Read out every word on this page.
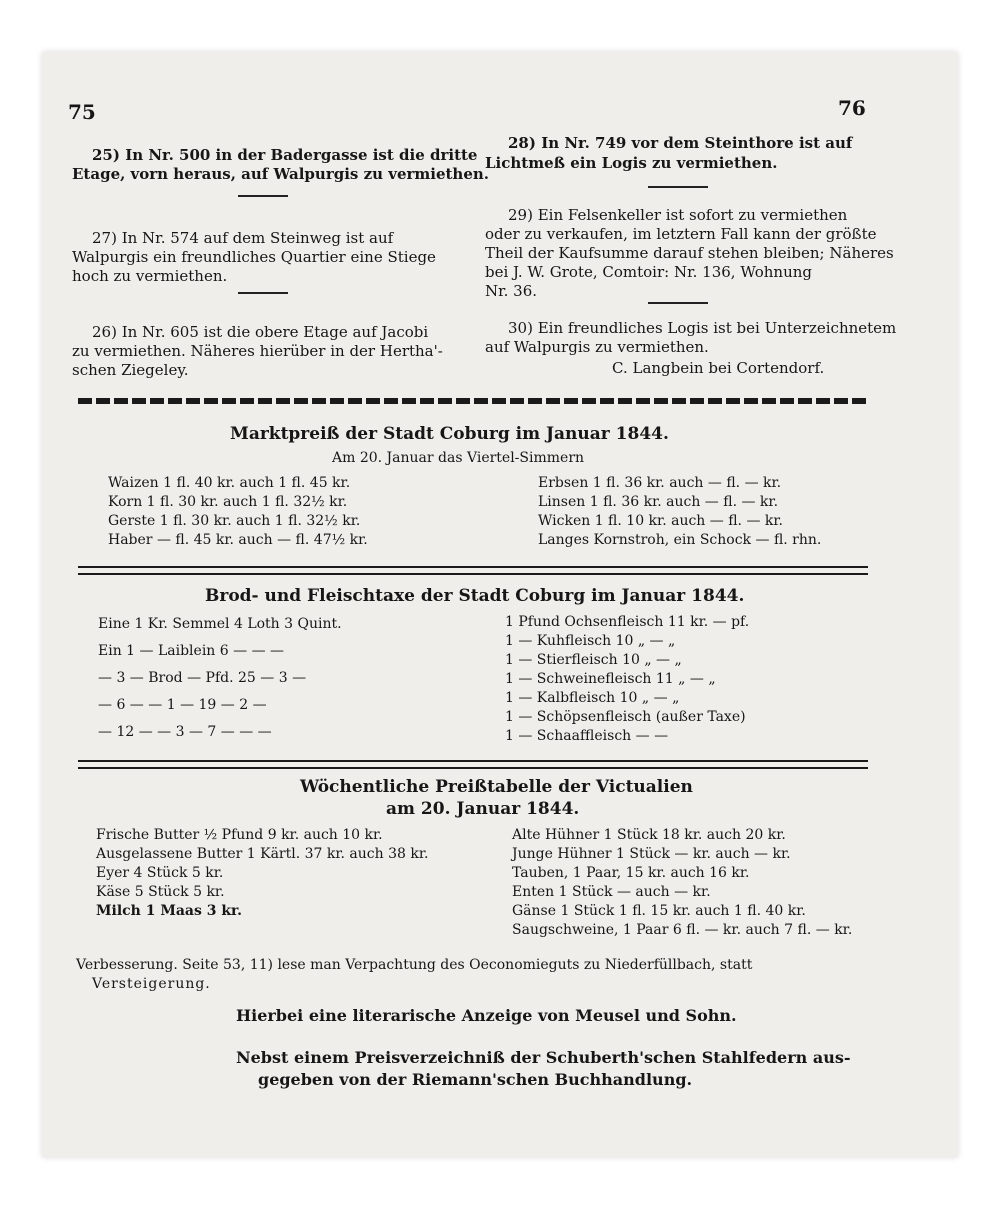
75	76
25) In Nr. 500 in der Badergasse ist die dritte
Etage, vorn heraus, auf Walpurgis zu vermiethen.
27) In Nr. 574 auf dem Steinweg ist auf
Walpurgis ein freundliches Quartier eine Stiege
hoch zu vermiethen.
26) In Nr. 605 ist die obere Etage auf Jacobi
zu vermiethen. Näheres hierüber in der Hertha'-
schen Ziegeley.
28) In Nr. 749 vor dem Steinthore ist auf
Lichtmeß ein Logis zu vermiethen.
29) Ein Felsenkeller ist sofort zu vermiethen
oder zu verkaufen, im letztern Fall kann der größte
Theil der Kaufsumme darauf stehen bleiben; Näheres
bei J. W. Grote, Comtoir: Nr. 136, Wohnung
Nr. 36.
30) Ein freundliches Logis ist bei Unterzeichnetem
auf Walpurgis zu vermiethen.
C. Langbein bei Cortendorf.
Marktpreiß der Stadt Coburg im Januar 1844.
Am 20. Januar das Viertel-Simmern
Waizen 1 fl. 40 kr. auch 1 fl. 45 kr.
Korn 1 fl. 30 kr. auch 1 fl. 32½ kr.
Gerste 1 fl. 30 kr. auch 1 fl. 32½ kr.
Haber — fl. 45 kr. auch — fl. 47½ kr.
Erbsen 1 fl. 36 kr. auch — fl. — kr.
Linsen 1 fl. 36 kr. auch — fl. — kr.
Wicken 1 fl. 10 kr. auch — fl. — kr.
Langes Kornstroh, ein Schock — fl. rhn.
Brod- und Fleischtaxe der Stadt Coburg im Januar 1844.
Eine 1 Kr. Semmel 4 Loth 3 Quint.
Ein 1 — Laiblein 6 — — —
— 3 — Brod — Pfd. 25 — 3 —
— 6 — — 1 — 19 — 2 —
— 12 — — 3 — 7 — — —
1 Pfund Ochsenfleisch 11 kr. — pf.
1 — Kuhfleisch 10 „ — „
1 — Stierfleisch 10 „ — „
1 — Schweinefleisch 11 „ — „
1 — Kalbfleisch 10 „ — „
1 — Schöpsenfleisch (außer Taxe)
1 — Schaaffleisch — —
Wöchentliche Preißtabelle der Victualien
am 20. Januar 1844.
Frische Butter ½ Pfund 9 kr. auch 10 kr.
Ausgelassene Butter 1 Kärtl. 37 kr. auch 38 kr.
Eyer 4 Stück 5 kr.
Käse 5 Stück 5 kr.
Milch 1 Maas 3 kr.
Alte Hühner 1 Stück 18 kr. auch 20 kr.
Junge Hühner 1 Stück — kr. auch — kr.
Tauben, 1 Paar, 15 kr. auch 16 kr.
Enten 1 Stück — auch — kr.
Gänse 1 Stück 1 fl. 15 kr. auch 1 fl. 40 kr.
Saugschweine, 1 Paar 6 fl. — kr. auch 7 fl. — kr.
Verbesserung. Seite 53, 11) lese man Verpachtung des Oeconomieguts zu Niederfüllbach, statt
Versteigerung.
Hierbei eine literarische Anzeige von Meusel und Sohn.
Nebst einem Preisverzeichniß der Schuberth'schen Stahlfedern aus-
gegeben von der Riemann'schen Buchhandlung.
